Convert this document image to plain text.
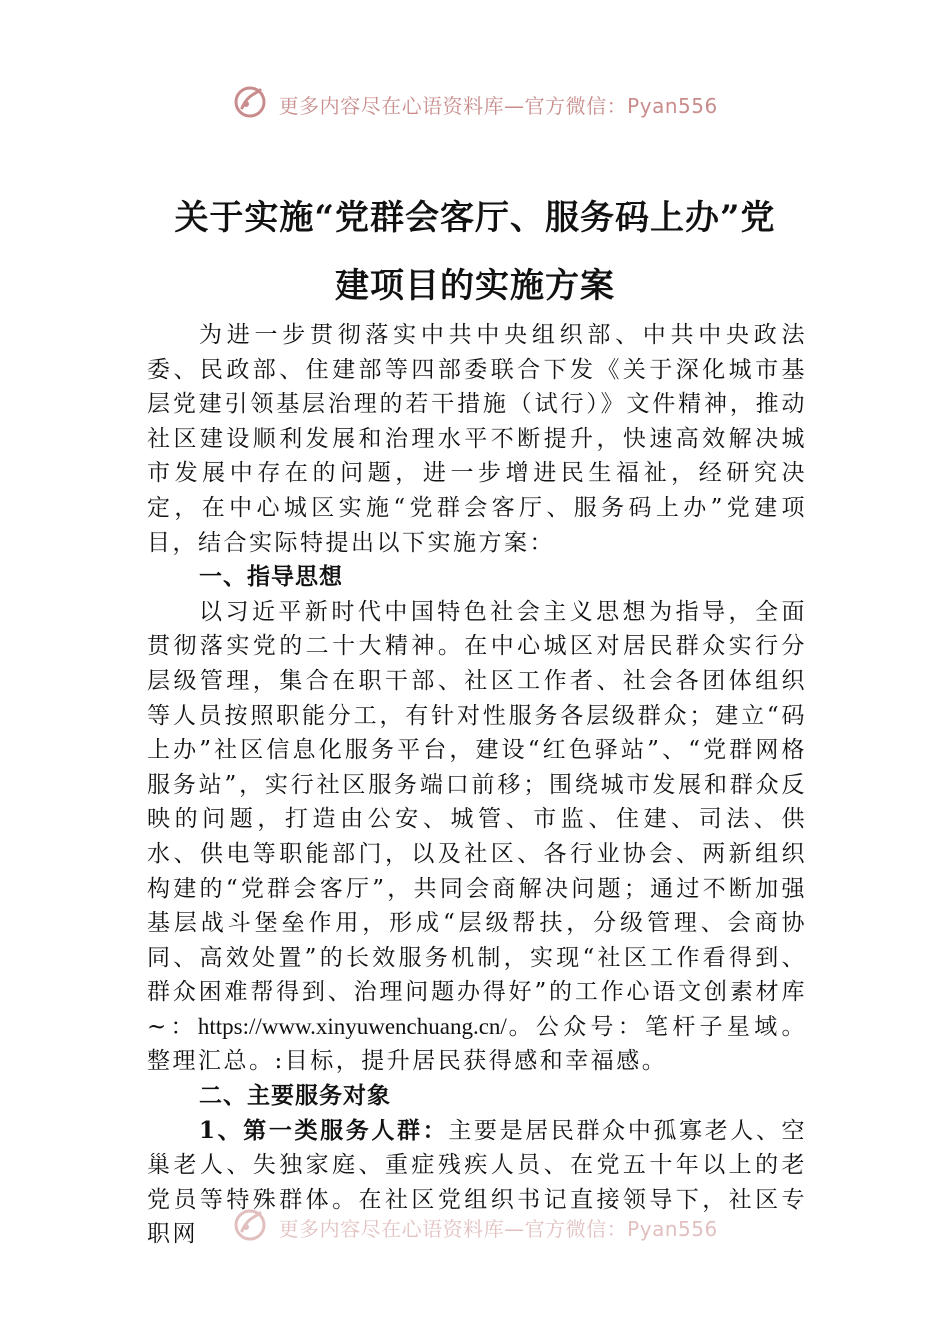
更多内容尽在心语资料库—官方微信：Pyan556
关于实施“党群会客厅、服务码上办”党
建项目的实施方案

为进一步贯彻落实中共中央组织部、中共中央政法委、民政部、住建部等四部委联合下发《关于深化城市基层党建引领基层治理的若干措施（试行）》文件精神，推动社区建设顺利发展和治理水平不断提升，快速高效解决城市发展中存在的问题，进一步增进民生福祉，经研究决定，在中心城区实施“党群会客厅、服务码上办”党建项目，结合实际特提出以下实施方案：

一、指导思想

以习近平新时代中国特色社会主义思想为指导，全面贯彻落实党的二十大精神。在中心城区对居民群众实行分层级管理，集合在职干部、社区工作者、社会各团体组织等人员按照职能分工，有针对性服务各层级群众；建立“码上办”社区信息化服务平台，建设“红色驿站”、“党群网格服务站”，实行社区服务端口前移；围绕城市发展和群众反映的问题，打造由公安、城管、市监、住建、司法、供水、供电等职能部门，以及社区、各行业协会、两新组织构建的“党群会客厅”，共同会商解决问题；通过不断加强基层战斗堡垒作用，形成“层级帮扶，分级管理、会商协同、高效处置”的长效服务机制，实现“社区工作看得到、群众困难帮得到、治理问题办得好”的工作心语文创素材库~：https://www.xinyuwenchuang.cn/。公众号：笔杆子星域。整理汇总。:目标，提升居民获得感和幸福感。

二、主要服务对象

1、第一类服务人群：主要是居民群众中孤寡老人、空巢老人、失独家庭、重症残疾人员、在党五十年以上的老党员等特殊群体。在社区党组织书记直接领导下，社区专职网	更多内容尽在心语资料库—官方微信：Pyan556
